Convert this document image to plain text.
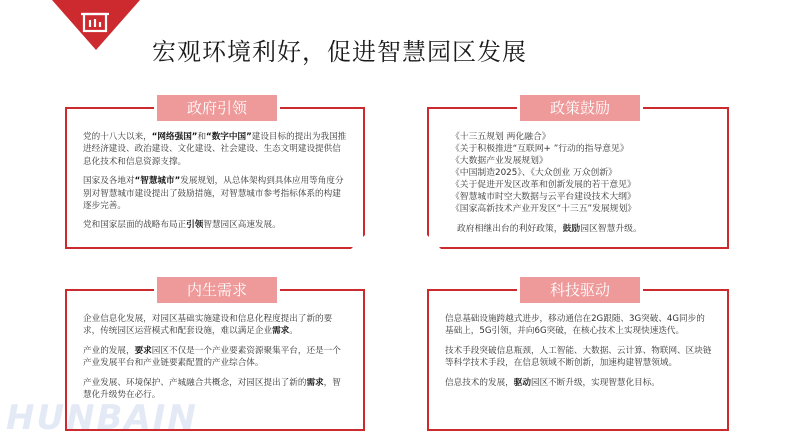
宏观环境利好，促进智慧园区发展
政府引领
党的十八大以来，“网络强国”和“数字中国”建设目标的提出为我国推进经济建设、政治建设、文化建设、社会建设、生态文明建设提供信息化技术和信息资源支撑。
国家及各地对“智慧城市”发展规划，从总体架构到具体应用等角度分别对智慧城市建设提出了鼓励措施，对智慧城市参考指标体系的构建逐步完善。
党和国家层面的战略布局正引领智慧园区高速发展。
政策鼓励
《十三五规划 两化融合》
《关于积极推进“互联网+ ”行动的指导意见》
《大数据产业发展规划》
《中国制造2025》、《大众创业 万众创新》
《关于促进开发区改革和创新发展的若干意见》
《智慧城市时空大数据与云平台建设技术大纲》
《国家高新技术产业开发区“十三五”发展规划》
政府相继出台的利好政策，鼓励园区智慧升级。
内生需求
企业信息化发展，对园区基础实施建设和信息化程度提出了新的要求，传统园区运营模式和配套设施，难以满足企业需求。
产业的发展，要求园区不仅是一个产业要素资源聚集平台，还是一个产业发展平台和产业链要素配置的产业综合体。
产业发展、环境保护、产城融合共概念，对园区提出了新的需求，智慧化升级势在必行。
科技驱动
信息基础设施跨越式进步，移动通信在2G跟随、3G突破、4G同步的基础上，5G引领，并向6G突破，在核心技术上实现快速迭代。
技术手段突破信息瓶颈，人工智能、大数据、云计算、物联网、区块链等科学技术手段，在信息领域不断创新，加速构建智慧领域。
信息技术的发展，驱动园区不断升级，实现智慧化目标。
HUNBAIN
